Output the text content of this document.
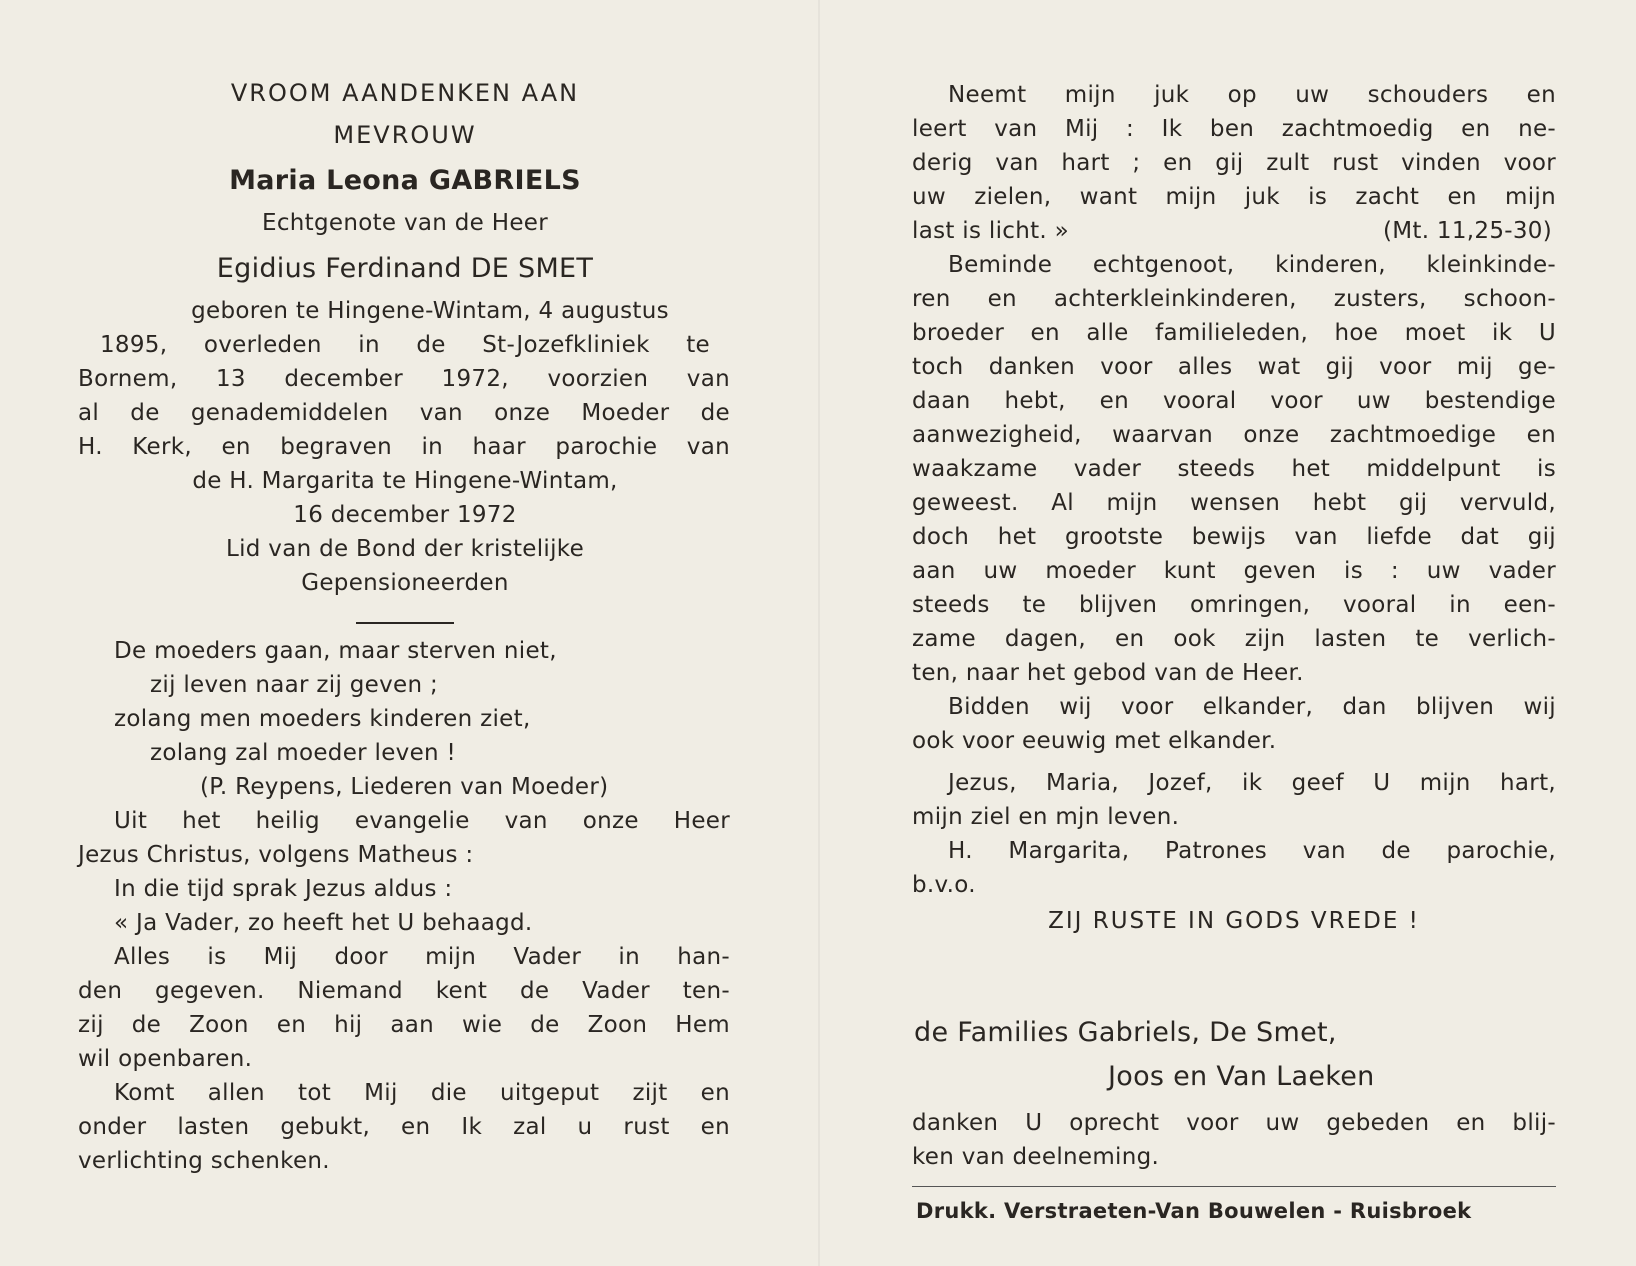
VROOM AANDENKEN AAN
MEVROUW
Maria Leona GABRIELS
Echtgenote van de Heer
Egidius Ferdinand DE SMET
geboren te Hingene-Wintam, 4 augustus
1895, overleden in de St-Jozefkliniek te
Bornem, 13 december 1972, voorzien van
al de genademiddelen van onze Moeder de
H. Kerk, en begraven in haar parochie van
de H. Margarita te Hingene-Wintam,
16 december 1972
Lid van de Bond der kristelijke
Gepensioneerden
De moeders gaan, maar sterven niet,
zij leven naar zij geven ;
zolang men moeders kinderen ziet,
zolang zal moeder leven !
(P. Reypens, Liederen van Moeder)
Uit het heilig evangelie van onze Heer
Jezus Christus, volgens Matheus :
In die tijd sprak Jezus aldus :
« Ja Vader, zo heeft het U behaagd.
Alles is Mij door mijn Vader in han-
den gegeven. Niemand kent de Vader ten-
zij de Zoon en hij aan wie de Zoon Hem
wil openbaren.
Komt allen tot Mij die uitgeput zijt en
onder lasten gebukt, en Ik zal u rust en
verlichting schenken.
Neemt mijn juk op uw schouders en
leert van Mij : Ik ben zachtmoedig en ne-
derig van hart ; en gij zult rust vinden voor
uw zielen, want mijn juk is zacht en mijn
last is licht. »	(Mt. 11,25-30)
Beminde echtgenoot, kinderen, kleinkinde-
ren en achterkleinkinderen, zusters, schoon-
broeder en alle familieleden, hoe moet ik U
toch danken voor alles wat gij voor mij ge-
daan hebt, en vooral voor uw bestendige
aanwezigheid, waarvan onze zachtmoedige en
waakzame vader steeds het middelpunt is
geweest. Al mijn wensen hebt gij vervuld,
doch het grootste bewijs van liefde dat gij
aan uw moeder kunt geven is : uw vader
steeds te blijven omringen, vooral in een-
zame dagen, en ook zijn lasten te verlich-
ten, naar het gebod van de Heer.
Bidden wij voor elkander, dan blijven wij
ook voor eeuwig met elkander.
Jezus, Maria, Jozef, ik geef U mijn hart,
mijn ziel en mjn leven.
H. Margarita, Patrones van de parochie,
b.v.o.
ZIJ RUSTE IN GODS VREDE !
de Families Gabriels, De Smet,
Joos en Van Laeken
danken U oprecht voor uw gebeden en blij-
ken van deelneming.
Drukk. Verstraeten-Van Bouwelen - Ruisbroek
